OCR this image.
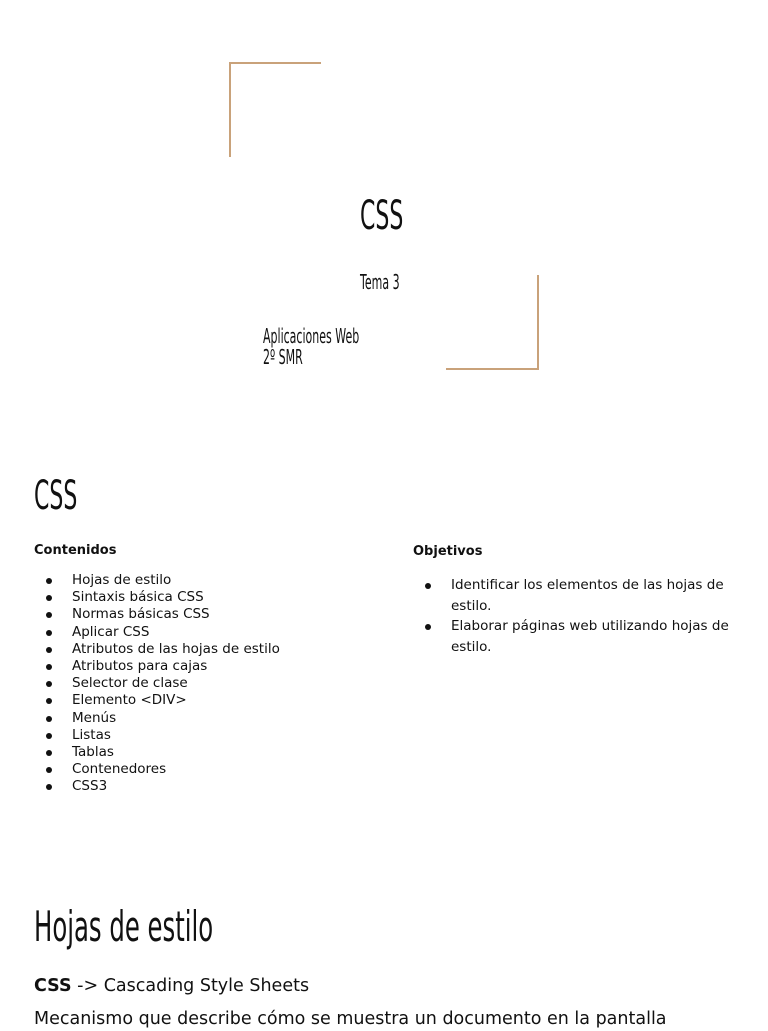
CSS
Tema 3
Aplicaciones Web
2º SMR
CSS
Contenidos
Hojas de estilo
Sintaxis básica CSS
Normas básicas CSS
Aplicar CSS
Atributos de las hojas de estilo
Atributos para cajas
Selector de clase
Elemento <DIV>
Menús
Listas
Tablas
Contenedores
CSS3
Objetivos
Identificar los elementos de las hojas de estilo.
Elaborar páginas web utilizando hojas de estilo.
Hojas de estilo
CSS -> Cascading Style Sheets
Mecanismo que describe cómo se muestra un documento en la pantalla
